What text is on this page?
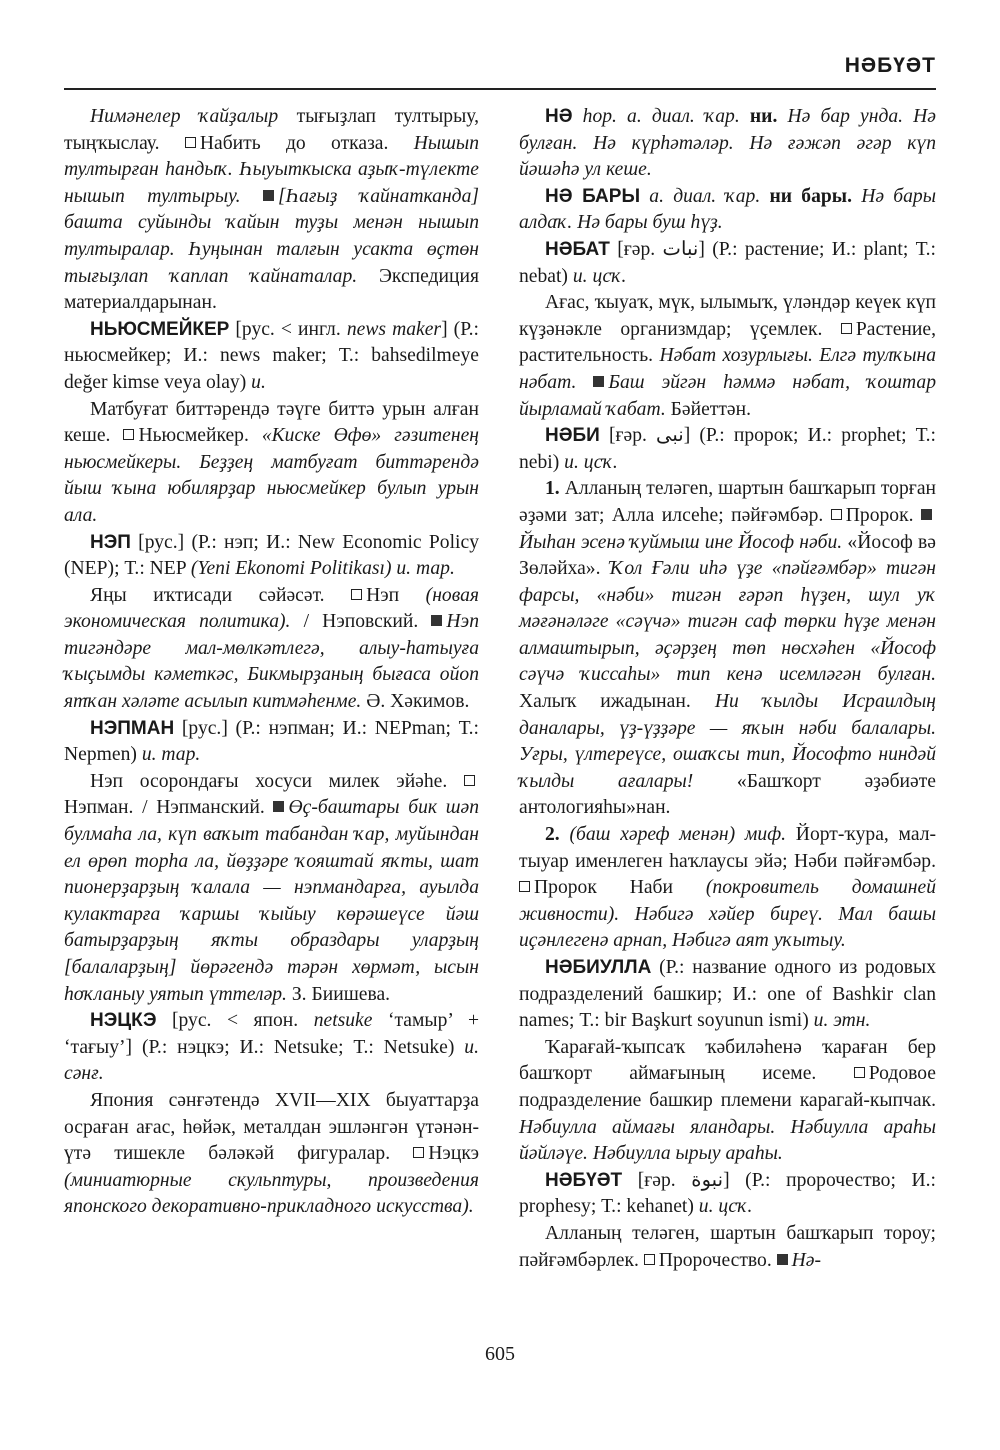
НӘБҮӘТ

Нимәнелер ҡайҙалыр тығыҙлап тултырыу, тыңҡыслау. Набить до отказа. Нышып тултырған һандыҡ. Һыуыткыска аҙыҡ-түлекте нышып тултырыу. [Һағыҙ ҡайнатканда] башта суйынды ҡайын туҙы менән нышып тултыралар. Һуңынан талғын усакта өҫтөн тығыҙлап ҡаплап ҡайнаталар. Экспедиция материалдарынан.

НЬЮСМЕЙКЕР [рус. < ингл. news maker] (Р.: ньюсмейкер; И.: news maker; Т.: bahsedilmeye değer kimse veya olay) и.

Матбуғат биттәрендә тәүге биттә урын алған кеше. Ньюсмейкер. «Киске Өфө» гәзитенең ньюсмейкеры. Беҙҙең матбуғат биттәрендә йыш ҡына юбилярҙар ньюсмейкер булып урын ала.

НЭП [рус.] (Р.: нэп; И.: New Economic Policy (NEP); Т.: NEP (Yeni Ekonomi Politikası) и. тар.

Яңы иҡтисади сәйәсәт. Нэп (новая экономическая политика). / Нэповский. Нэп тигәндәре мал-мөлкәтлегә, алыу-һатыуға ҡыҫымды кәметкәс, Бикмырҙаның бығаса ойоп ятҡан хәләте асылып китмәһенме. Ә. Хәкимов.

НЭПМАН [рус.] (Р.: нэпман; И.: NEPman; Т.: Nepmen) и. тар.

Нэп осорондағы хосуси милек эйәһе. Нэпман. / Нэпманский. Өҫ-баштары бик шәп булмаһа ла, күп ваҡыт табандан ҡар, муйындан ел өрөп торһа ла, йөҙҙәре ҡояштай яҡты, шат пионерҙарҙың ҡалала — нэпмандарға, ауылда кулактарға ҡаршы ҡыйыу көрәшеүсе йәш батырҙарҙың яҡты образдары уларҙың [балаларҙың] йөрәгендә тәрән хөрмәт, ысын һоҡланыу уятып үттеләр. З. Биишева.

НЭЦКЭ [рус. < япон. netsuke ‘тамыр’ + ‘тағыу’] (Р.: нэцкэ; И.: Netsuke; Т.: Netsuke) и. сәнғ.

Япония сәнғәтендә XVII—XIX быуаттарҙа осраған ағас, һөйәк, металдан эшләнгән үтәнән-үтә тишекле бәләкәй фигуралар. Нэцкэ (миниатюрные скульптуры, произведения японского декоративно-прикладного искусства).

НӘ һор. а. диал. ҡар. ни. Нә бар унда. Нә булған. Нә күрһәтәләр. Нә ғәжәп әгәр күп йәшәһә ул кеше.

НӘ БАРЫ а. диал. ҡар. ни бары. Нә бары алдаҡ. Нә бары буш һүҙ.

НӘБАТ [ғәр. نبات] (Р.: растение; И.: plant; Т.: nebat) и. цсҡ.

Ағас, ҡыуаҡ, мүк, ылымыҡ, үләндәр кеүек күп күҙәнәкле организмдар; үҫемлек. Растение, растительность. Нәбат хозурлығы. Елгә тулҡына нәбат. Баш эйгән һәммә нәбат, ҡоштар йырламай ҡабат. Бәйеттән.

НӘБИ [ғәр. نبى] (Р.: пророк; И.: prophet; Т.: nebi) и. цсҡ.

1. Алланың теләгеn, шартын башҡарып торған әҙәми зат; Алла илсеһе; пәйғәмбәр. Пророк. Йыһан эсенә ҡуймыш ине Йософ нәби. «Йософ вә Зөләйха». Ҡол Ғәли иһә үҙе «пәйғәмбәр» тигән фарсы, «нәби» тигән ғәрәп һүҙен, шул уҡ мәғәнәләге «сәүчә» тигән саф төрки һүҙе менән алмаштырып, әҫәрҙең төп нөсхәһен «Йософ сәүчә ҡиссаһы» тип кенә исемләгән булған. Халыҡ ижадынан. Ни ҡылды Исраилдың даналары, үҙ-үҙҙәре — яҡын нәби балалары. Уғры, үлтереүсе, ошаҡсы тип, Йософто ниндәй ҡылды ағалары! «Башҡорт әҙәбиәте антологияһы»нан.

2. (баш хәреф менән) миф. Йорт-ҡура, мал-тыуар именлеген һаҡлаусы эйә; Нәби пәйғәмбәр. Пророк Наби (покровитель домашней живности). Нәбигә хәйер биреү. Мал башы иҫәнлегенә арнап, Нәбигә аят уҡытыу.

НӘБИУЛЛА (Р.: название одного из родовых подразделений башкир; И.: one of Bashkir clan names; Т.: bir Başkurt soyunun ismi) и. этн.

Ҡарағай-ҡыпсаҡ ҡәбиләһенә ҡараған бер башҡорт аймағының исеме. Родовое подразделение башкир племени карагай-кыпчак. Нәбиулла аймағы яландары. Нәбиулла араһы йәйләүе. Нәбиулла ырыу араһы.

НӘБҮӘТ [ғәр. نبوة] (Р.: пророчество; И.: prophesy; Т.: kehanet) и. цсҡ.

Алланың теләген, шартын башҡарып тороу; пәйғәмбәрлек. Пророчество. Нә-

605
